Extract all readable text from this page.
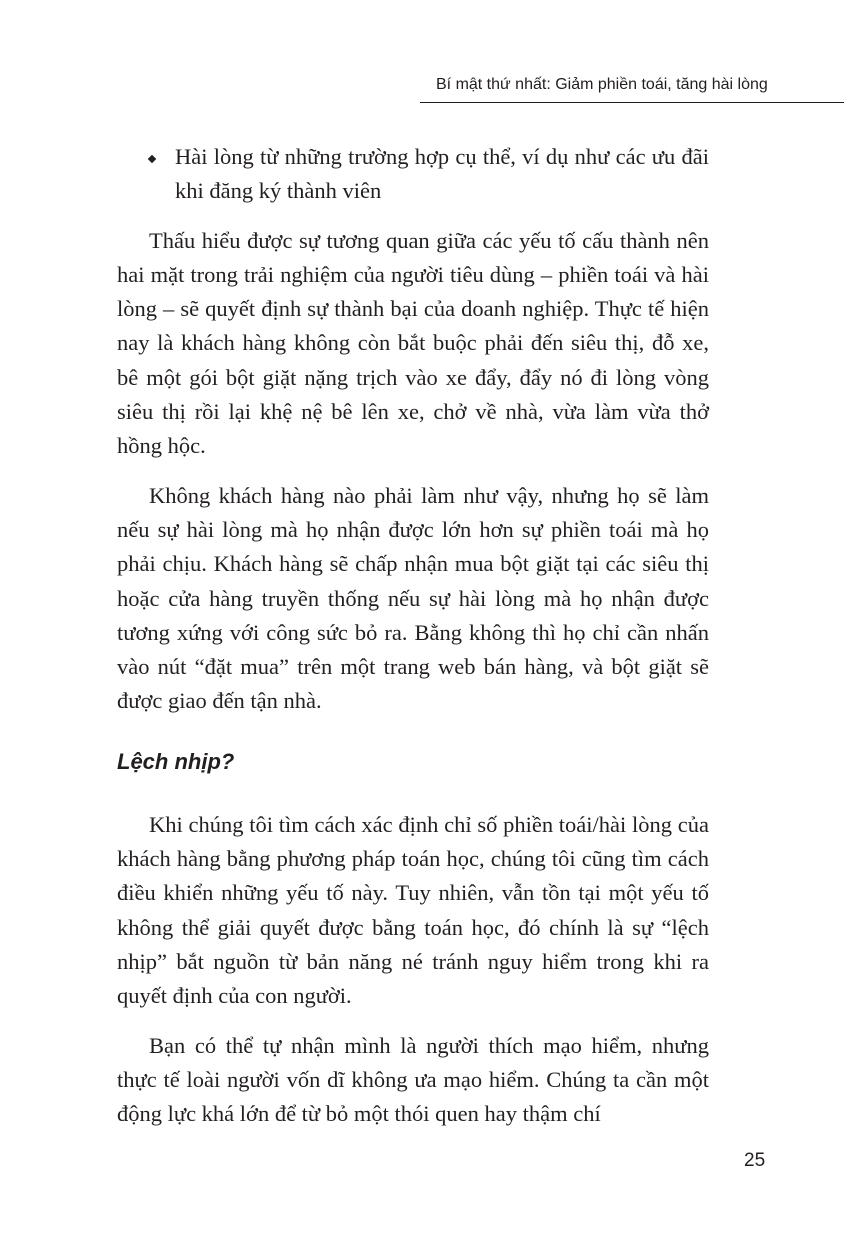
Bí mật thứ nhất: Giảm phiền toái, tăng hài lòng
Hài lòng từ những trường hợp cụ thể, ví dụ như các ưu đãi khi đăng ký thành viên

Thấu hiểu được sự tương quan giữa các yếu tố cấu thành nên hai mặt trong trải nghiệm của người tiêu dùng – phiền toái và hài lòng – sẽ quyết định sự thành bại của doanh nghiệp. Thực tế hiện nay là khách hàng không còn bắt buộc phải đến siêu thị, đỗ xe, bê một gói bột giặt nặng trịch vào xe đẩy, đẩy nó đi lòng vòng siêu thị rồi lại khệ nệ bê lên xe, chở về nhà, vừa làm vừa thở hồng hộc.

Không khách hàng nào phải làm như vậy, nhưng họ sẽ làm nếu sự hài lòng mà họ nhận được lớn hơn sự phiền toái mà họ phải chịu. Khách hàng sẽ chấp nhận mua bột giặt tại các siêu thị hoặc cửa hàng truyền thống nếu sự hài lòng mà họ nhận được tương xứng với công sức bỏ ra. Bằng không thì họ chỉ cần nhấn vào nút “đặt mua” trên một trang web bán hàng, và bột giặt sẽ được giao đến tận nhà.

Lệch nhịp?

Khi chúng tôi tìm cách xác định chỉ số phiền toái/hài lòng của khách hàng bằng phương pháp toán học, chúng tôi cũng tìm cách điều khiển những yếu tố này. Tuy nhiên, vẫn tồn tại một yếu tố không thể giải quyết được bằng toán học, đó chính là sự “lệch nhịp” bắt nguồn từ bản năng né tránh nguy hiểm trong khi ra quyết định của con người.

Bạn có thể tự nhận mình là người thích mạo hiểm, nhưng thực tế loài người vốn dĩ không ưa mạo hiểm. Chúng ta cần một động lực khá lớn để từ bỏ một thói quen hay thậm chí

25
